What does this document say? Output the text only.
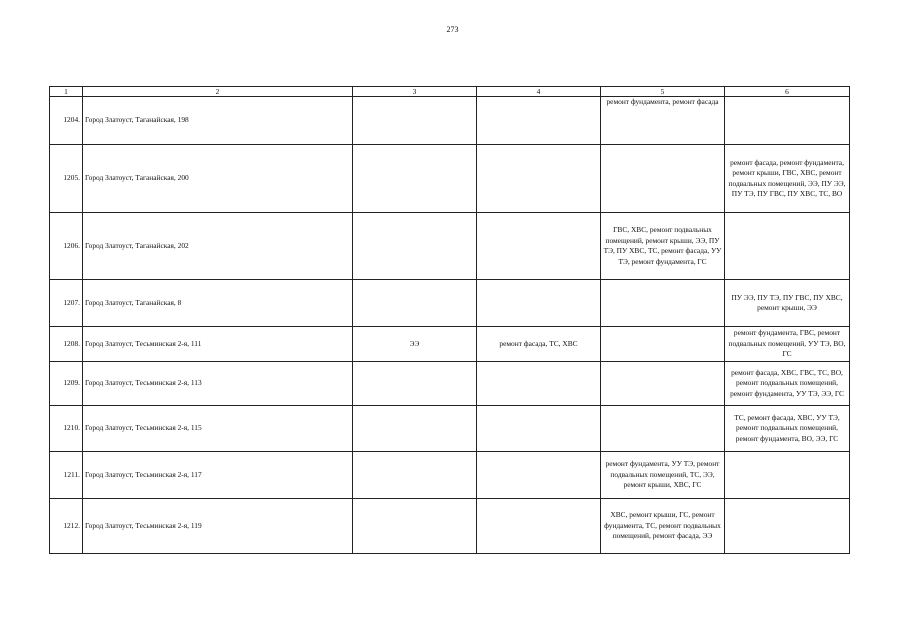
273
1	2	3	4	5	6
1204.	Город Златоуст, Таганайская, 198			ремонт фундамента, ремонт фасада	
1205.	Город Златоуст, Таганайская, 200				ремонт фасада, ремонт фундамента, ремонт крыши, ГВС, ХВС, ремонт подвальных помещений, ЭЭ, ПУ ЭЭ, ПУ ТЭ, ПУ ГВС, ПУ ХВС, ТС, ВО
1206.	Город Златоуст, Таганайская, 202			ГВС, ХВС, ремонт подвальных помещений, ремонт крыши, ЭЭ, ПУ ТЭ, ПУ ХВС, ТС, ремонт фасада, УУ ТЭ, ремонт фундамента, ГС	
1207.	Город Златоуст, Таганайская, 8				ПУ ЭЭ, ПУ ТЭ, ПУ ГВС, ПУ ХВС, ремонт крыши, ЭЭ
1208.	Город Златоуст, Тесьминская 2-я, 111	ЭЭ	ремонт фасада, ТС, ХВС		ремонт фундамента, ГВС, ремонт подвальных помещений, УУ ТЭ, ВО, ГС
1209.	Город Златоуст, Тесьминская 2-я, 113				ремонт фасада, ХВС, ГВС, ТС, ВО, ремонт подвальных помещений, ремонт фундамента, УУ ТЭ, ЭЭ, ГС
1210.	Город Златоуст, Тесьминская 2-я, 115				ТС, ремонт фасада, ХВС, УУ ТЭ, ремонт подвальных помещений, ремонт фундамента, ВО, ЭЭ, ГС
1211.	Город Златоуст, Тесьминская 2-я, 117			ремонт фундамента, УУ ТЭ, ремонт подвальных помещений, ТС, ЭЭ, ремонт крыши, ХВС, ГС	
1212.	Город Златоуст, Тесьминская 2-я, 119			ХВС, ремонт крыши, ГС, ремонт фундамента, ТС, ремонт подвальных помещений, ремонт фасада, ЭЭ	
